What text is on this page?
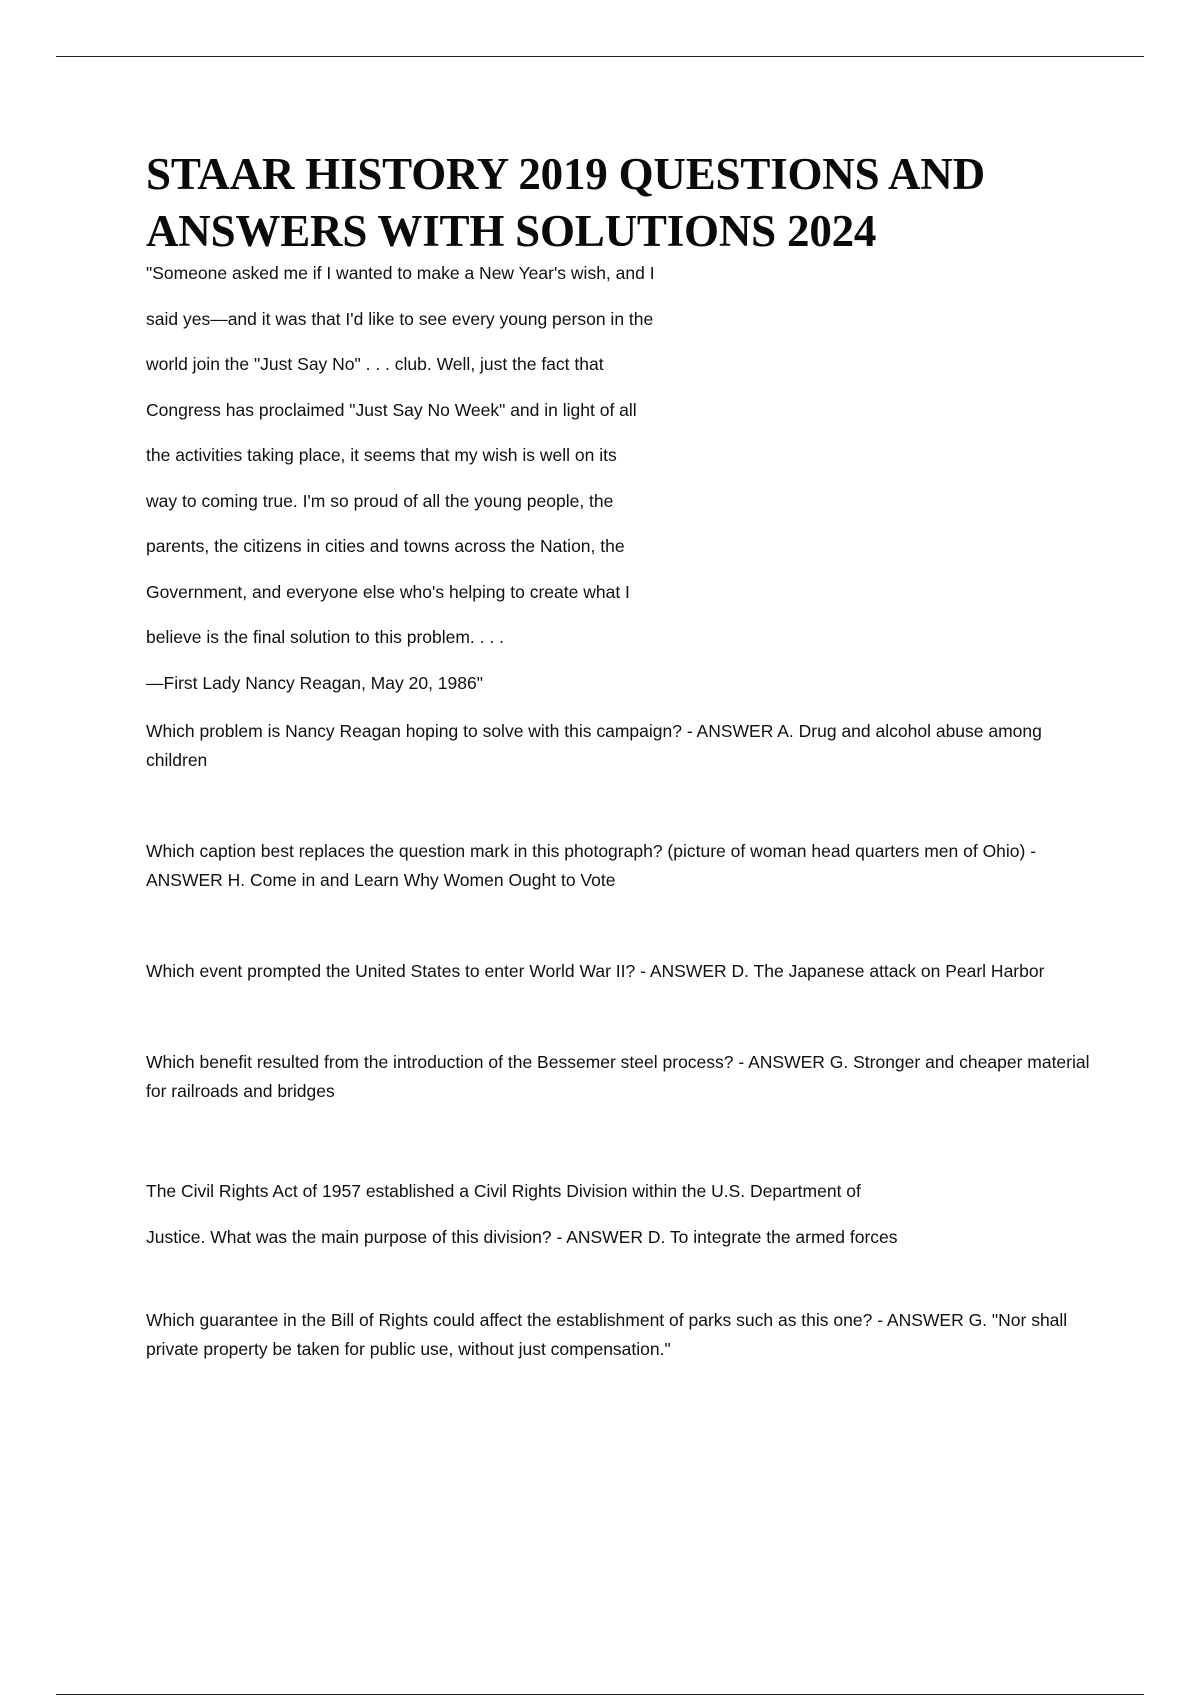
STAAR HISTORY 2019 QUESTIONS AND ANSWERS WITH SOLUTIONS 2024
"Someone asked me if I wanted to make a New Year's wish, and I
said yes—and it was that I'd like to see every young person in the
world join the "Just Say No" . . . club. Well, just the fact that
Congress has proclaimed "Just Say No Week" and in light of all
the activities taking place, it seems that my wish is well on its
way to coming true. I'm so proud of all the young people, the
parents, the citizens in cities and towns across the Nation, the
Government, and everyone else who's helping to create what I
believe is the final solution to this problem. . . .
—First Lady Nancy Reagan, May 20, 1986"

Which problem is Nancy Reagan hoping to solve with this campaign? - ANSWER A. Drug and alcohol abuse among children

Which caption best replaces the question mark in this photograph? (picture of woman head quarters men of Ohio) - ANSWER H. Come in and Learn Why Women Ought to Vote

Which event prompted the United States to enter World War II? - ANSWER D. The Japanese attack on Pearl Harbor

Which benefit resulted from the introduction of the Bessemer steel process? - ANSWER G. Stronger and cheaper material for railroads and bridges

The Civil Rights Act of 1957 established a Civil Rights Division within the U.S. Department of
Justice. What was the main purpose of this division? - ANSWER D. To integrate the armed forces

Which guarantee in the Bill of Rights could affect the establishment of parks such as this one? - ANSWER G. "Nor shall private property be taken for public use, without just compensation."
